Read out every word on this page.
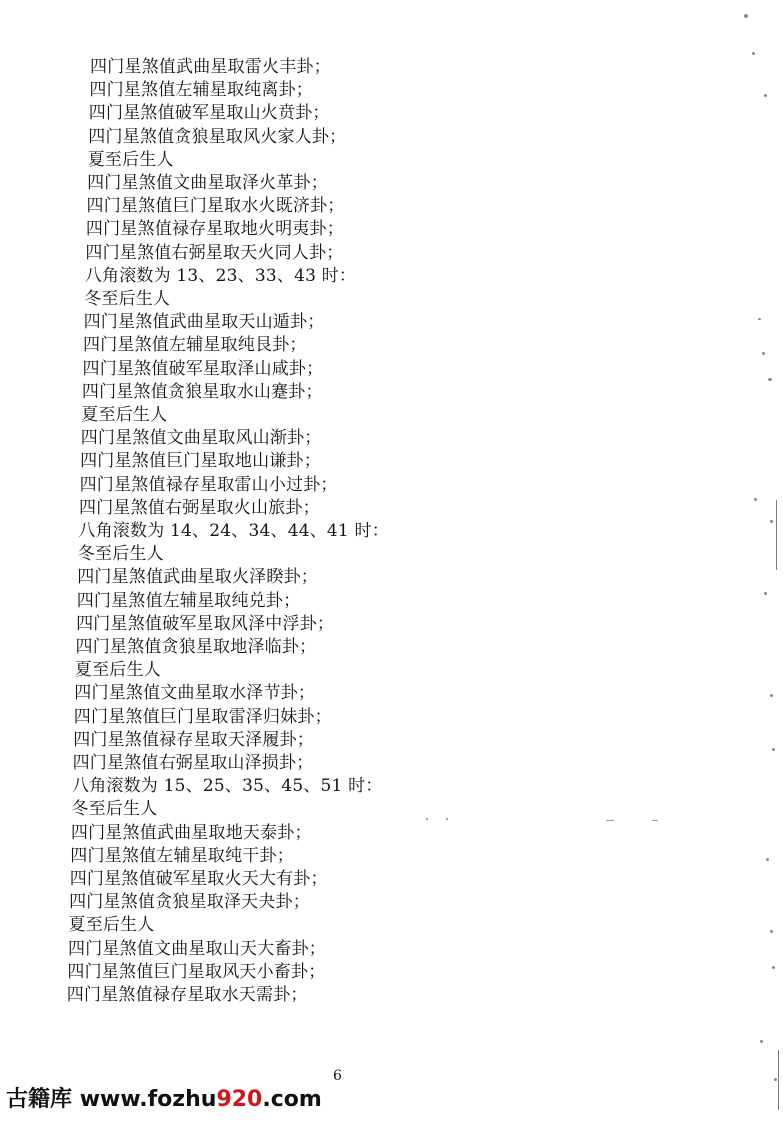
四门星煞值武曲星取雷火丰卦；
四门星煞值左辅星取纯离卦；
四门星煞值破军星取山火贲卦；
四门星煞值贪狼星取风火家人卦；
夏至后生人
四门星煞值文曲星取泽火革卦；
四门星煞值巨门星取水火既济卦；
四门星煞值禄存星取地火明夷卦；
四门星煞值右弼星取天火同人卦；
八角滚数为 13、23、33、43 时：
冬至后生人
四门星煞值武曲星取天山遁卦；
四门星煞值左辅星取纯艮卦；
四门星煞值破军星取泽山咸卦；
四门星煞值贪狼星取水山蹇卦；
夏至后生人
四门星煞值文曲星取风山渐卦；
四门星煞值巨门星取地山谦卦；
四门星煞值禄存星取雷山小过卦；
四门星煞值右弼星取火山旅卦；
八角滚数为 14、24、34、44、41 时：
冬至后生人
四门星煞值武曲星取火泽睽卦；
四门星煞值左辅星取纯兑卦；
四门星煞值破军星取风泽中浮卦；
四门星煞值贪狼星取地泽临卦；
夏至后生人
四门星煞值文曲星取水泽节卦；
四门星煞值巨门星取雷泽归妹卦；
四门星煞值禄存星取天泽履卦；
四门星煞值右弼星取山泽损卦；
八角滚数为 15、25、35、45、51 时：
冬至后生人
四门星煞值武曲星取地天泰卦；
四门星煞值左辅星取纯干卦；
四门星煞值破军星取火天大有卦；
四门星煞值贪狼星取泽天夬卦；
夏至后生人
四门星煞值文曲星取山天大畜卦；
四门星煞值巨门星取风天小畜卦；
四门星煞值禄存星取水天需卦；
6
古籍库 www.fozhu920.com
